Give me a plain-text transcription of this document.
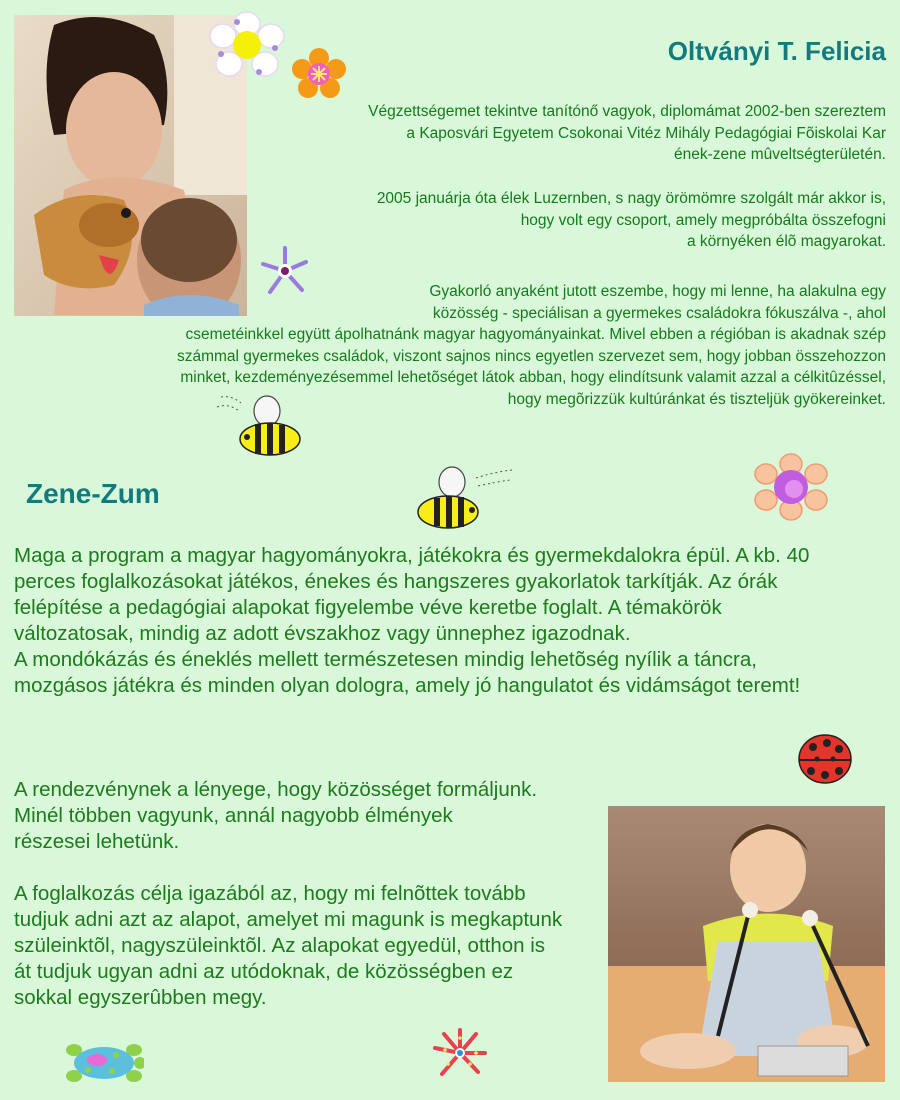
Oltványi T. Felicia
Végzettségemet tekintve tanítónő vagyok, diplomámat 2002-ben szereztem
a Kaposvári Egyetem Csokonai Vitéz Mihály Pedagógiai Fõiskolai Kar
ének-zene mûveltségterületén.
2005 januárja óta élek Luzernben, s nagy örömömre szolgált már akkor is,
hogy volt egy csoport, amely megpróbálta összefogni
a környéken élõ magyarokat.
Gyakorló anyaként jutott eszembe, hogy mi lenne, ha alakulna egy
közösség - speciálisan a gyermekes családokra fókuszálva -, ahol
csemetéinkkel együtt ápolhatnánk magyar hagyományainkat. Mivel ebben a régióban is akadnak szép
számmal gyermekes családok, viszont sajnos nincs egyetlen szervezet sem, hogy jobban összehozzon
minket, kezdeményezésemmel lehetõséget látok abban, hogy elindítsunk valamit azzal a célkitûzéssel,
hogy megõrizzük kultúránkat és tiszteljük gyökereinket.
Zene-Zum
Maga a program a magyar hagyományokra, játékokra és gyermekdalokra épül. A kb. 40
perces foglalkozásokat játékos, énekes és hangszeres gyakorlatok tarkítják. Az órák
felépítése a pedagógiai alapokat figyelembe véve keretbe foglalt. A témakörök
változatosak, mindig az adott évszakhoz vagy ünnephez igazodnak.
A mondókázás és éneklés mellett természetesen mindig lehetõség nyílik a táncra,
mozgásos játékra és minden olyan dologra, amely jó hangulatot és vidámságot teremt!
A rendezvénynek a lényege, hogy közösséget formáljunk.
Minél többen vagyunk, annál nagyobb élmények
részesei lehetünk.
A foglalkozás célja igazából az, hogy mi felnõttek tovább
tudjuk adni azt az alapot, amelyet mi magunk is megkaptunk
szüleinktõl, nagyszüleinktõl. Az alapokat egyedül, otthon is
át tudjuk ugyan adni az utódoknak, de közösségben ez
sokkal egyszerûbben megy.
